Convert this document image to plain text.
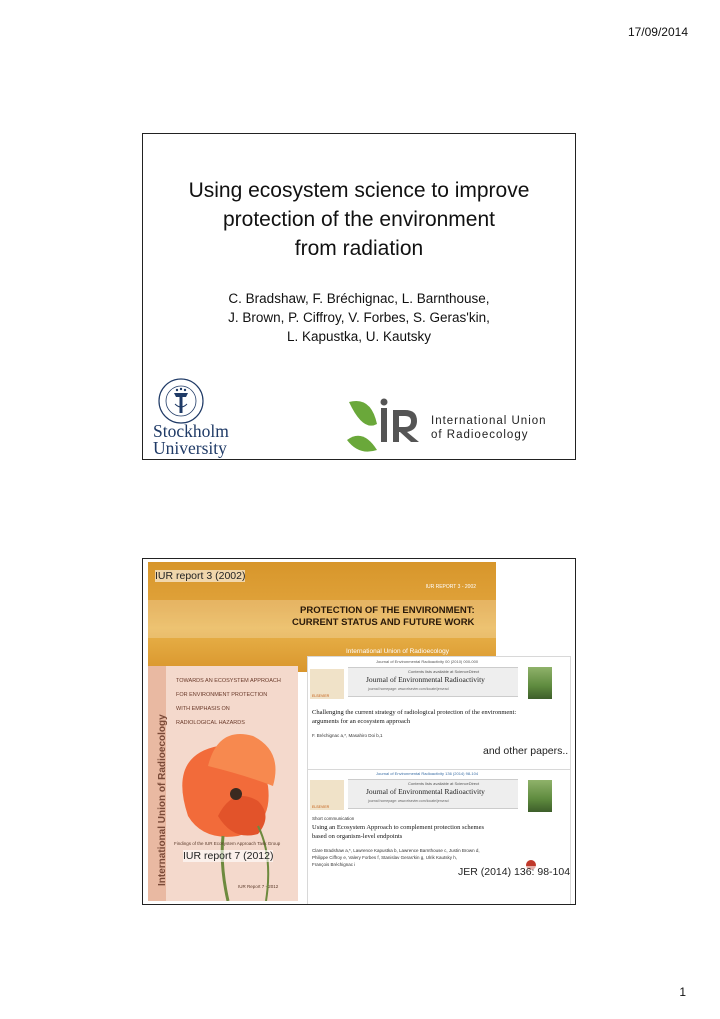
17/09/2014
Using ecosystem science to improve
protection of the environment
from radiation
C. Bradshaw, F. Bréchignac, L. Barnthouse,
J. Brown, P. Ciffroy, V. Forbes, S. Geras'kin,
L. Kapustka, U. Kautsky
Stockholm
University
International Union
of Radioecology
IUR REPORT 3 - 2002
PROTECTION OF THE ENVIRONMENT:
CURRENT STATUS AND FUTURE WORK
International Union of Radioecology
IUR report 3 (2002)
International Union of Radioecology
TOWARDS AN ECOSYSTEM APPROACH
FOR ENVIRONMENT PROTECTION
WITH EMPHASIS ON
RADIOLOGICAL HAZARDS
Findings of the IUR Ecosystem Approach Task Group
IUR Report 7 - 2012
Journal of Environmental Radioactivity 00 (2010) 000-000
ELSEVIER
Contents lists available at ScienceDirect
Journal of Environmental Radioactivity
journal homepage: www.elsevier.com/locate/jenvrad
Challenging the current strategy of radiological protection of the environment:
arguments for an ecosystem approach
F. Bréchignac a,*, Masahiro Doi b,1
and other papers..
Journal of Environmental Radioactivity 136 (2014) 98-104
ELSEVIER
Contents lists available at ScienceDirect
Journal of Environmental Radioactivity
journal homepage: www.elsevier.com/locate/jenvrad
Short communication
Using an Ecosystem Approach to complement protection schemes
based on organism-level endpoints
Clare Bradshaw a,*, Lawrence Kapustka b, Lawrence Barnthouse c, Justin Brown d,
Philippe Ciffroy e, Valery Forbes f, Stanislav Geras'kin g, Ulrik Kautsky h,
François Bréchignac i
IUR report 7 (2012)
JER (2014) 136: 98-104
1
